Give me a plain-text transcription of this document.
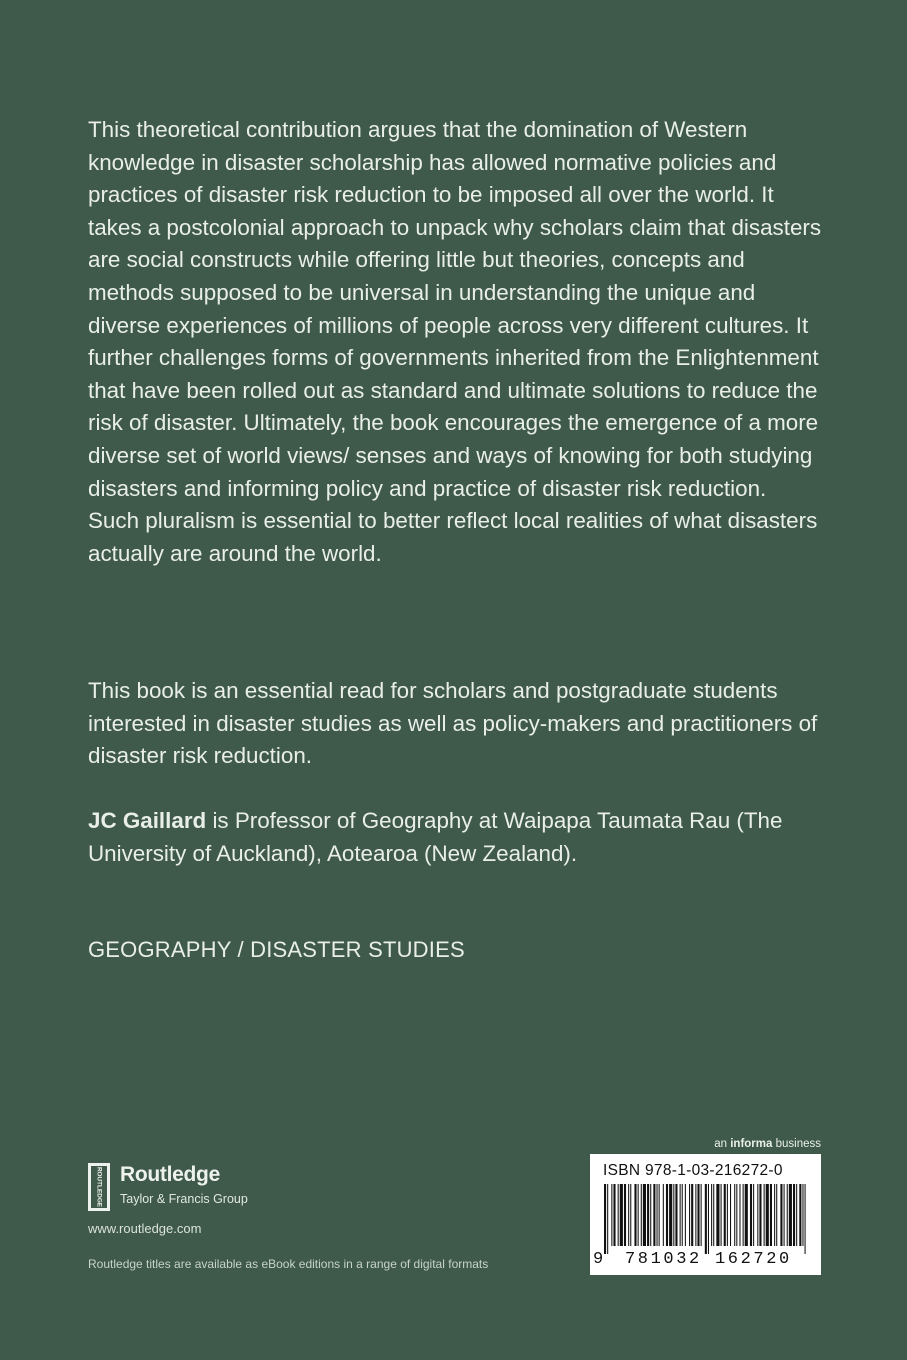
This theoretical contribution argues that the domination of Western knowledge in disaster scholarship has allowed normative policies and practices of disaster risk reduction to be imposed all over the world. It takes a postcolonial approach to unpack why scholars claim that disasters are social constructs while offering little but theories, concepts and methods supposed to be universal in understanding the unique and diverse experiences of millions of people across very different cultures. It further challenges forms of governments inherited from the Enlightenment that have been rolled out as standard and ultimate solutions to reduce the risk of disaster. Ultimately, the book encourages the emergence of a more diverse set of world views/ senses and ways of knowing for both studying disasters and informing policy and practice of disaster risk reduction. Such pluralism is essential to better reflect local realities of what disasters actually are around the world.

This book is an essential read for scholars and postgraduate students interested in disaster studies as well as policy-makers and practitioners of disaster risk reduction.

JC Gaillard is Professor of Geography at Waipapa Taumata Rau (The University of Auckland), Aotearoa (New Zealand).

GEOGRAPHY / DISASTER STUDIES

ROUTLEDGE Routledge
Taylor & Francis Group
www.routledge.com
Routledge titles are available as eBook editions in a range of digital formats
an informa business
ISBN 978-1-03-216272-0
9 781032 162720
